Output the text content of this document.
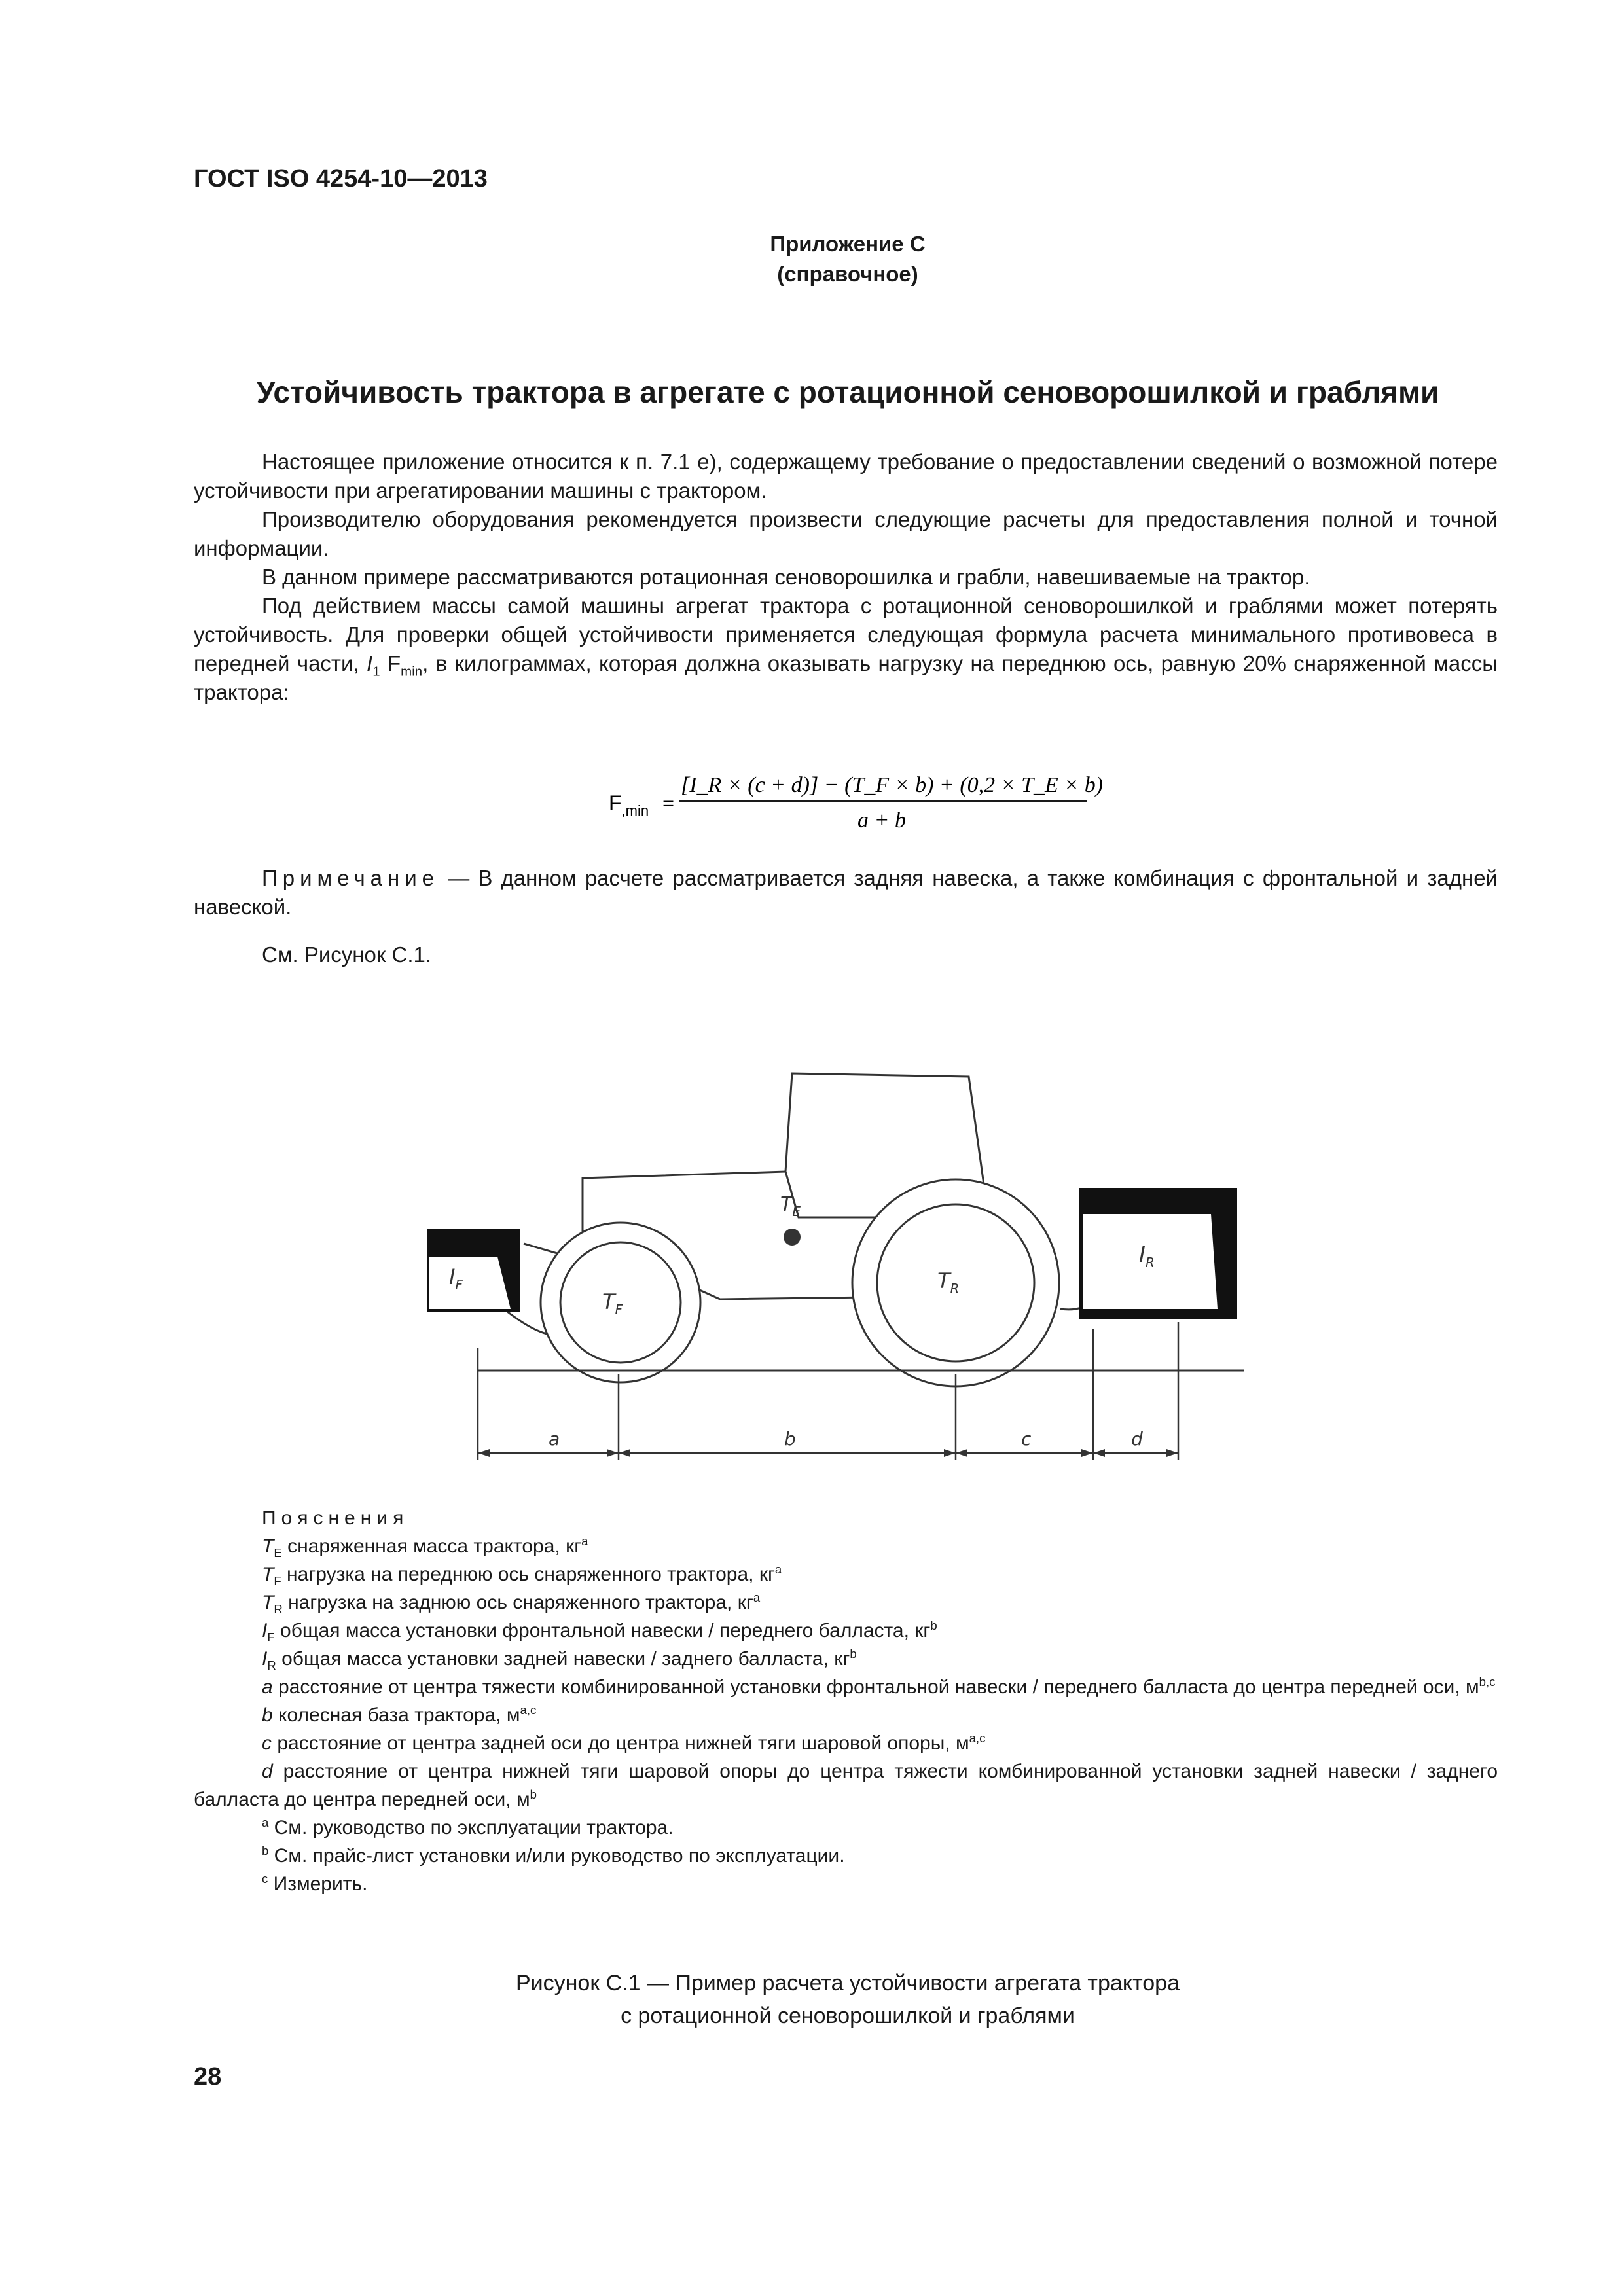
ГОСТ ISO 4254-10—2013
Приложение С
(справочное)
Устойчивость трактора в агрегате с ротационной сеноворошилкой и граблями

Настоящее приложение относится к п. 7.1 е), содержащему требование о предоставлении сведений о возможной потере устойчивости при агрегатировании машины с трактором.

Производителю оборудования рекомендуется произвести следующие расчеты для предоставления полной и точной информации.

В данном примере рассматриваются ротационная сеноворошилка и грабли, навешиваемые на трактор.

Под действием массы самой машины агрегат трактора с ротационной сеноворошилкой и граблями может потерять устойчивость. Для проверки общей устойчивости применяется следующая формула расчета минимального противовеса в передней части, $I_1$ $F_{min}$, в килограммах, которая должна оказывать нагрузку на переднюю ось, равную 20% снаряженной массы трактора:

$F_{,min}$ =
[I_R × (c + d)] − (T_F × b) + (0,2 × T_E × b)
a + b

Примечание — В данном расчете рассматривается задняя навеска, а также комбинация с фронтальной и задней навеской.

См. Рисунок С.1.
$T_E$
$T_F$
$T_R$
$I_F$
$I_R$
a	b	c	d

Пояснения

$T_E$ снаряженная масса трактора, $кг^a$

$T_F$ нагрузка на переднюю ось снаряженного трактора, $кг^a$

$T_R$ нагрузка на заднюю ось снаряженного трактора, $кг^a$

$I_F$ общая масса установки фронтальной навески / переднего балласта, $кг^b$

$I_R$ общая масса установки задней навески / заднего балласта, $кг^b$

a расстояние от центра тяжести комбинированной установки фронтальной навески / переднего балласта до центра передней оси, $м^{b,c}$

b колесная база трактора, $м^{a,c}$

c расстояние от центра задней оси до центра нижней тяги шаровой опоры, $м^{a,c}$

d расстояние от центра нижней тяги шаровой опоры до центра тяжести комбинированной установки задней навески / заднего балласта до центра передней оси, $м^b$

$^a$ См. руководство по эксплуатации трактора.

$^b$ См. прайс-лист установки и/или руководство по эксплуатации.

$^c$ Измерить.

Рисунок С.1 — Пример расчета устойчивости агрегата трактора
с ротационной сеноворошилкой и граблями
28
